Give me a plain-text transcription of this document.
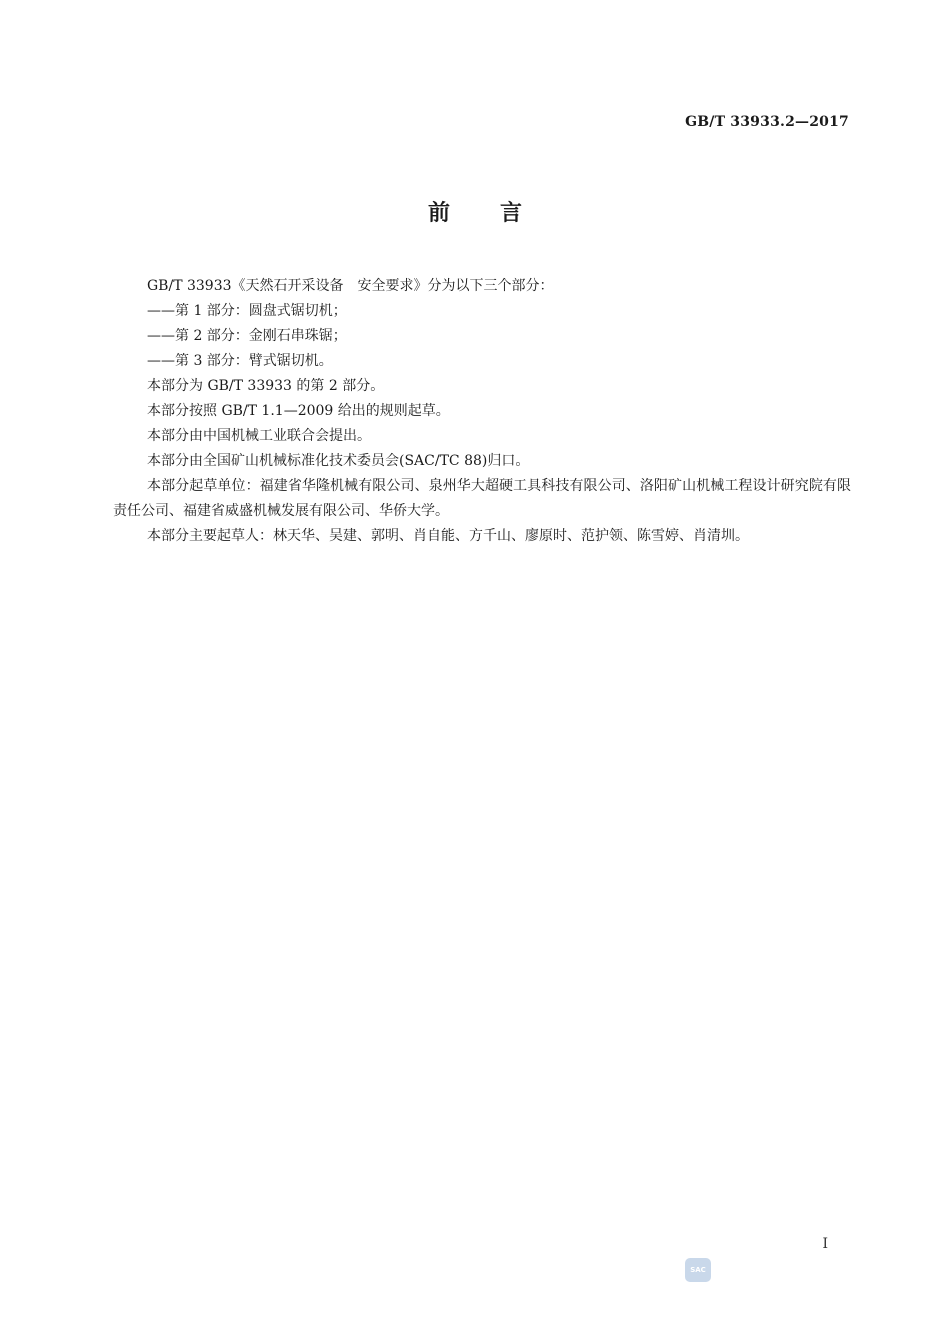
GB/T 33933.2—2017
前言

GB/T 33933《天然石开采设备　安全要求》分为以下三个部分：

——第 1 部分：圆盘式锯切机；

——第 2 部分：金刚石串珠锯；

——第 3 部分：臂式锯切机。

本部分为 GB/T 33933 的第 2 部分。

本部分按照 GB/T 1.1—2009 给出的规则起草。

本部分由中国机械工业联合会提出。

本部分由全国矿山机械标准化技术委员会(SAC/TC 88)归口。

本部分起草单位：福建省华隆机械有限公司、泉州华大超硬工具科技有限公司、洛阳矿山机械工程设计研究院有限责任公司、福建省威盛机械发展有限公司、华侨大学。

本部分主要起草人：林天华、吴建、郭明、肖自能、方千山、廖原时、范护领、陈雪婷、肖清圳。

I
SAC
